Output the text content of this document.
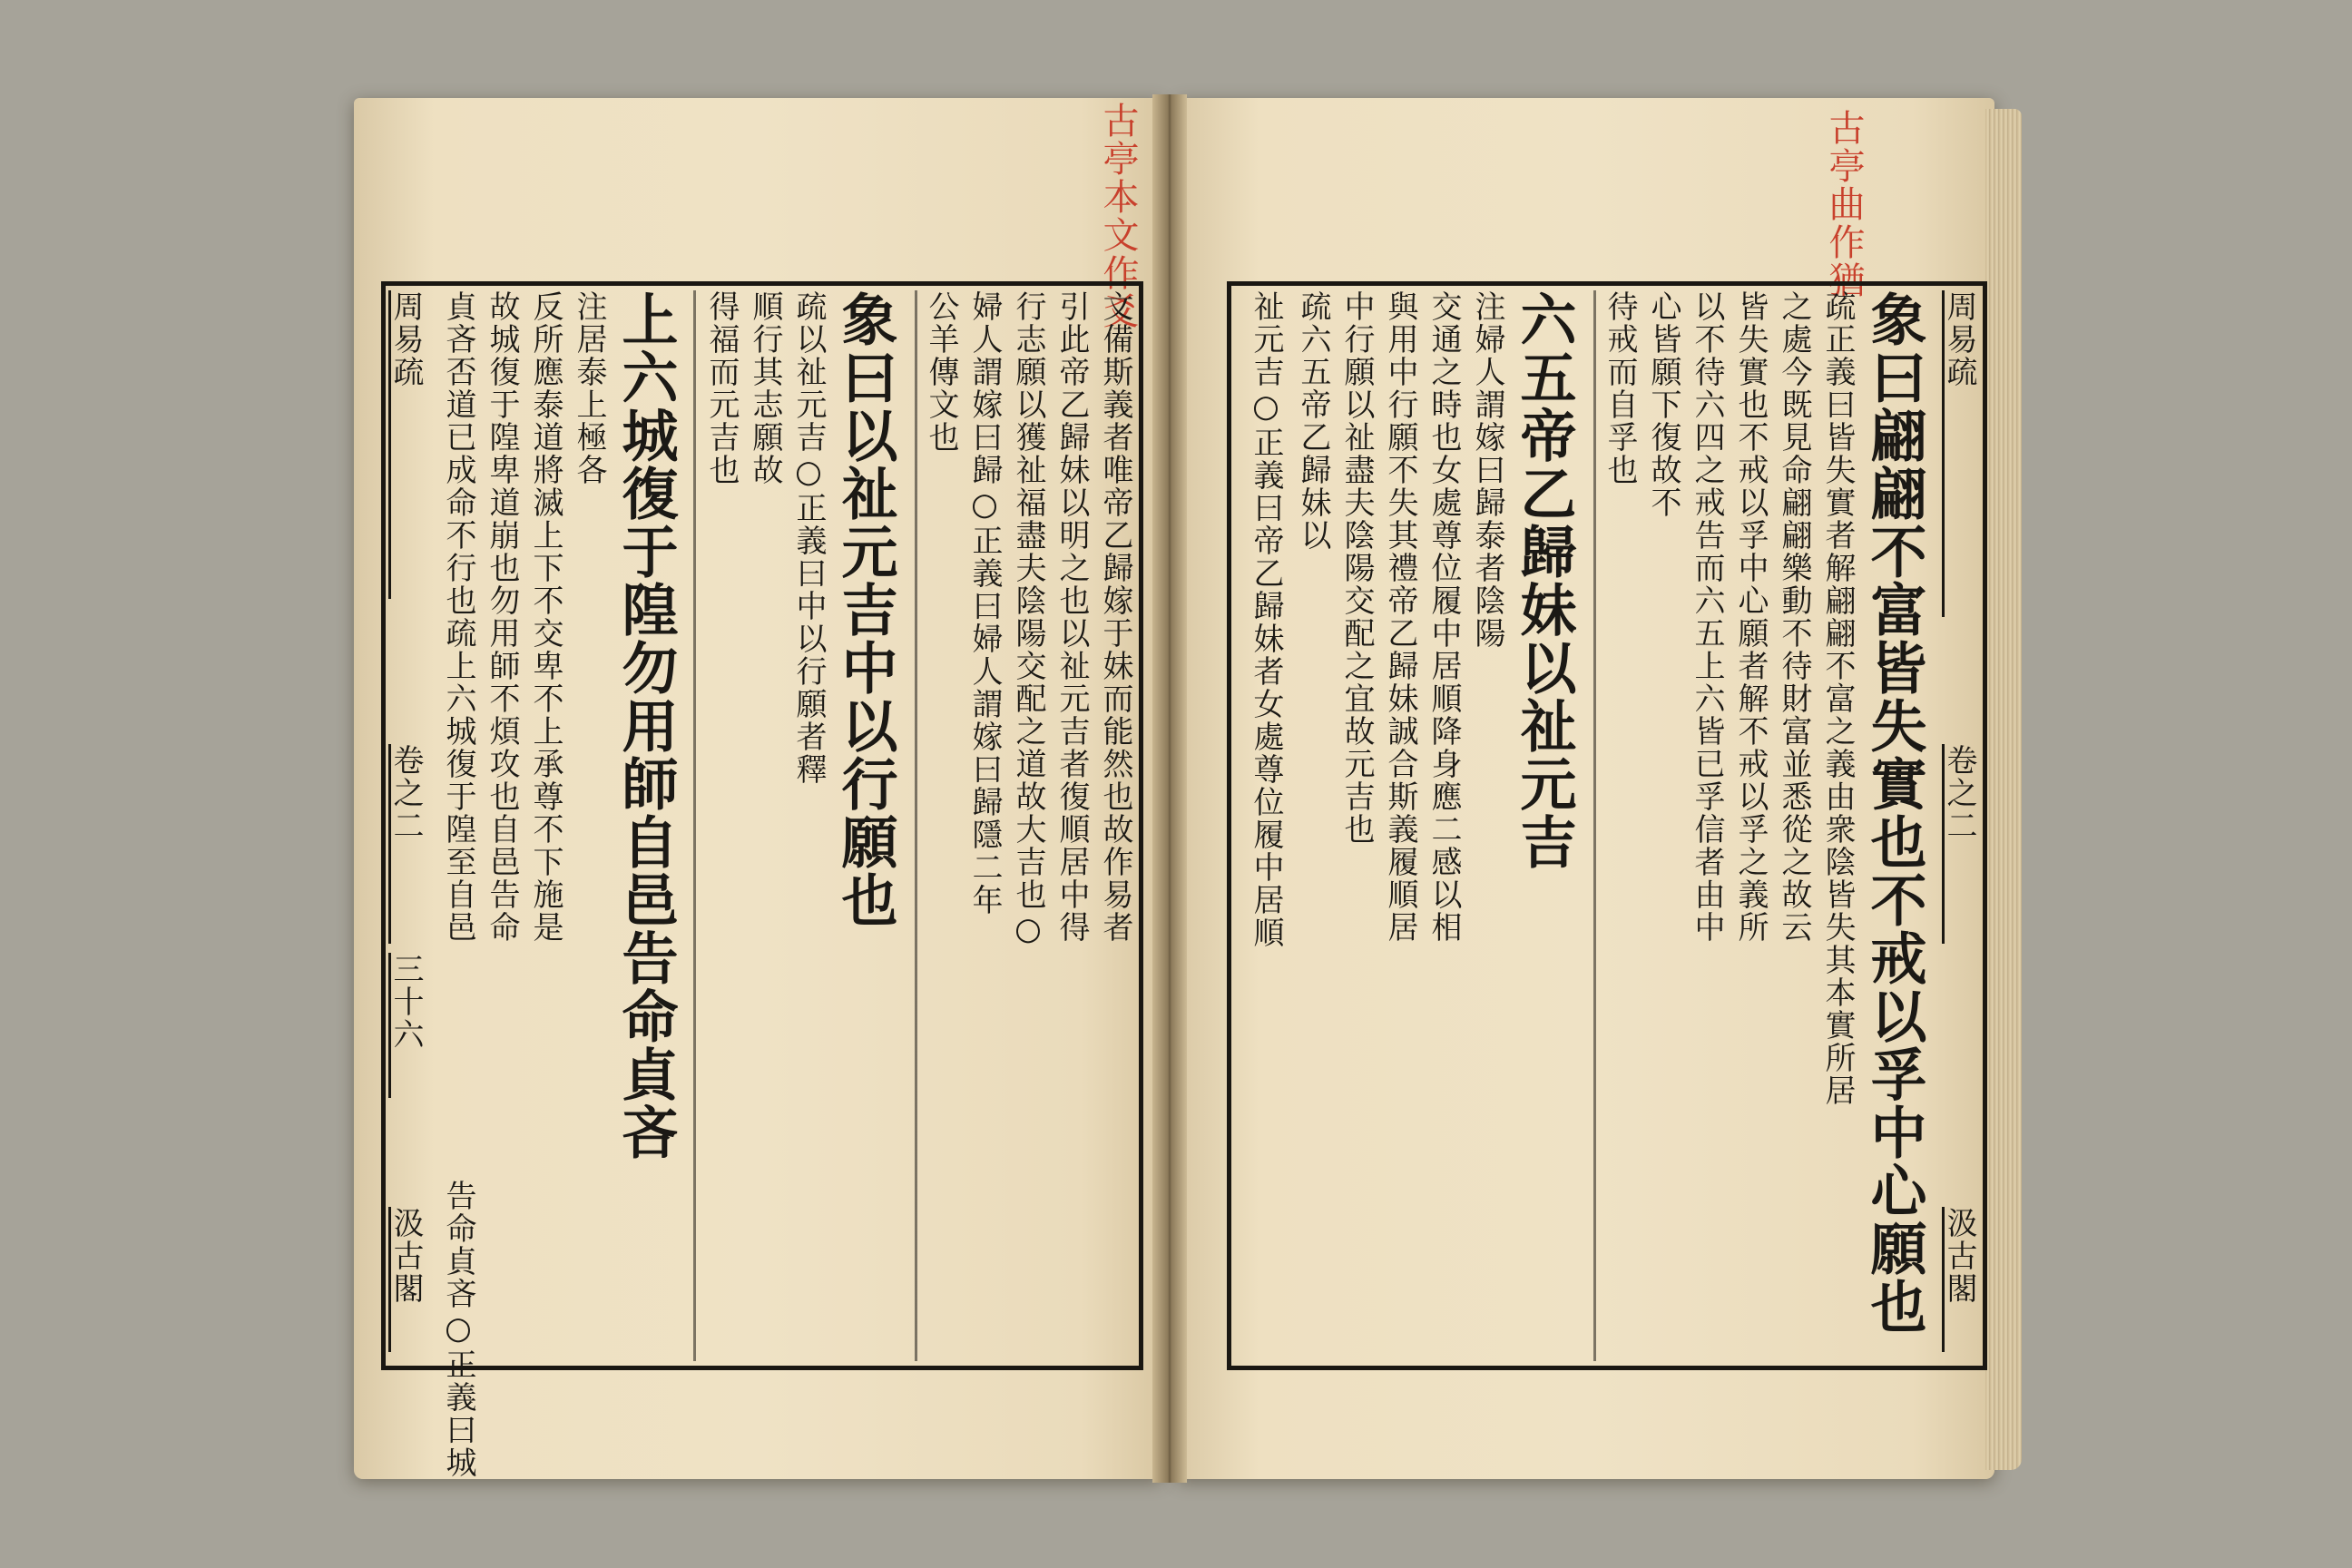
古亭本文作爻	古亭曲作猶
文備斯義者唯帝乙歸嫁于妹而能然也故作易者
引此帝乙歸妹以明之也以祉元吉者復順居中得
行志願以獲祉福盡夫陰陽交配之道故大吉也○
婦人謂嫁曰歸○正義曰婦人謂嫁曰歸隱二年
公羊傳文也
象曰以祉元吉中以行願也
疏以祉元吉○正義曰中以行願者釋
順行其志願故
得福而元吉也
上六城復于隍勿用師自邑告命貞吝
注居泰上極各
反所應泰道將滅上下不交卑不上承尊不下施是
故城復于隍卑道崩也勿用師不煩攻也自邑告命
貞吝否道已成命不行也疏上六城復于隍至自邑
周易疏
卷之二
三十六
汲古閣 告命貞吝○正義曰城
周易疏
卷之二
汲古閣
象曰翩翩不富皆失實也不戒以孚中心願也
疏正義曰皆失實者解翩翩不富之義由衆陰皆失其本實所居
之處今既見命翩翩樂動不待財富並悉從之故云
皆失實也不戒以孚中心願者解不戒以孚之義所
以不待六四之戒告而六五上六皆已孚信者由中
心皆願下復故不
待戒而自孚也
六五帝乙歸妹以祉元吉
注婦人謂嫁曰歸泰者陰陽
交通之時也女處尊位履中居順降身應二感以相
與用中行願不失其禮帝乙歸妹誠合斯義履順居
中行願以祉盡夫陰陽交配之宜故元吉也
疏六五帝乙歸妹以
祉元吉○正義曰帝乙歸妹者女處尊位履中居順
